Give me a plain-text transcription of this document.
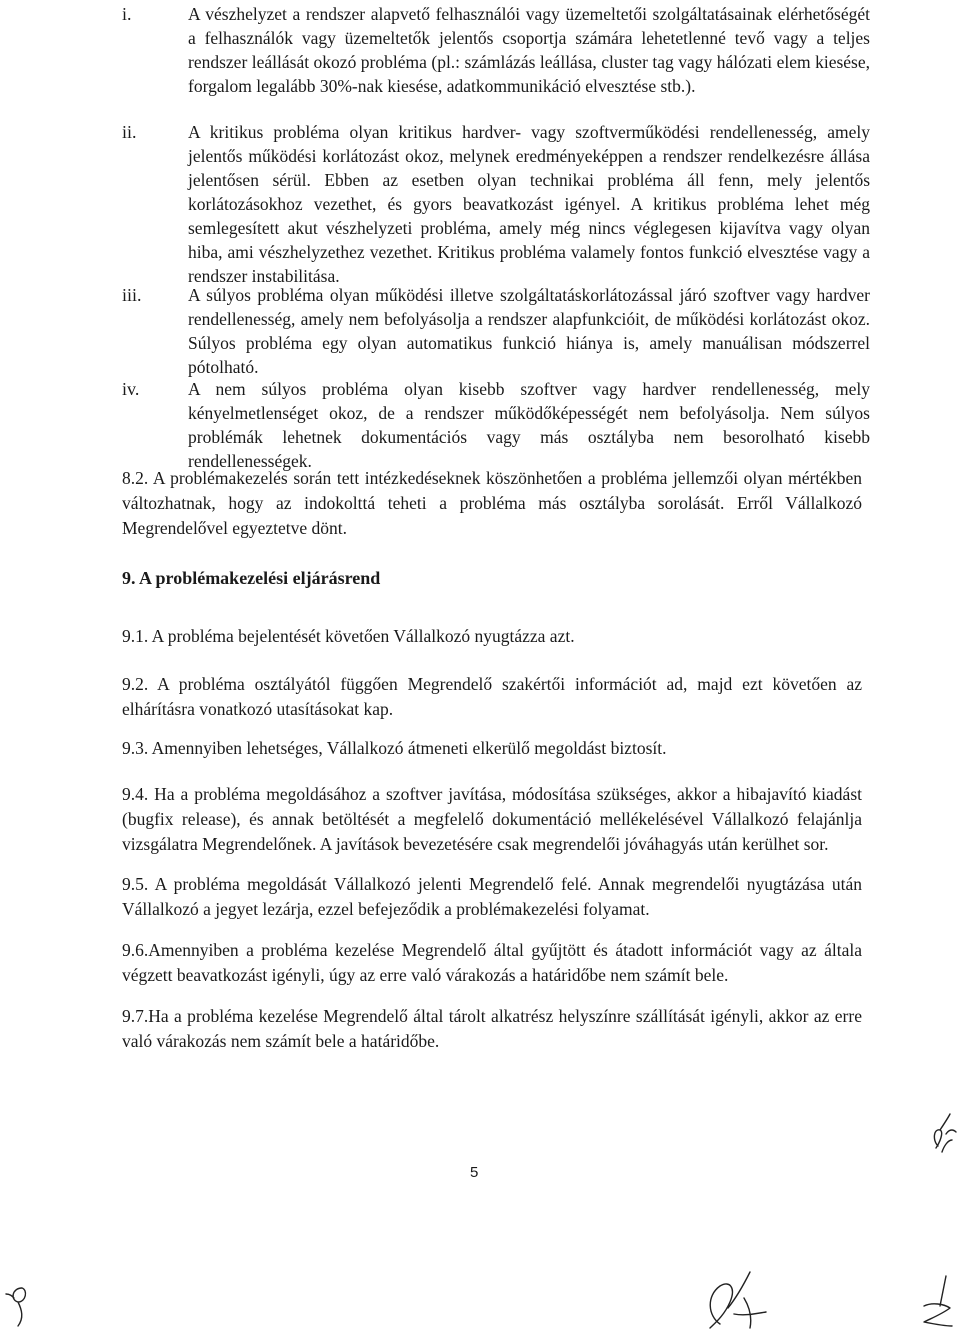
i.	A vészhelyzet a rendszer alapvető felhasználói vagy üzemeltetői szolgáltatásainak elérhetőségét a felhasználók vagy üzemeltetők jelentős csoportja számára lehetetlenné tevő vagy a teljes rendszer leállását okozó probléma (pl.: számlázás leállása, cluster tag vagy hálózati elem kiesése, forgalom legalább 30%-nak kiesése, adatkommunikáció elvesztése stb.).
ii.	A kritikus probléma olyan kritikus hardver- vagy szoftverműködési rendellenesség, amely jelentős működési korlátozást okoz, melynek eredményeképpen a rendszer rendelkezésre állása jelentősen sérül. Ebben az esetben olyan technikai probléma áll fenn, mely jelentős korlátozásokhoz vezethet, és gyors beavatkozást igényel. A kritikus probléma lehet még semlegesített akut vészhelyzeti probléma, amely még nincs véglegesen kijavítva vagy olyan hiba, ami vészhelyzethez vezethet. Kritikus probléma valamely fontos funkció elvesztése vagy a rendszer instabilitása.
iii.	A súlyos probléma olyan működési illetve szolgáltatáskorlátozással járó szoftver vagy hardver rendellenesség, amely nem befolyásolja a rendszer alapfunkcióit, de működési korlátozást okoz. Súlyos probléma egy olyan automatikus funkció hiánya is, amely manuálisan módszerrel pótolható.
iv.	A nem súlyos probléma olyan kisebb szoftver vagy hardver rendellenesség, mely kényelmetlenséget okoz, de a rendszer működőképességét nem befolyásolja. Nem súlyos problémák lehetnek dokumentációs vagy más osztályba nem besorolható kisebb rendellenességek.
8.2. A problémakezelés során tett intézkedéseknek köszönhetően a probléma jellemzői olyan mértékben változhatnak, hogy az indokolttá teheti a probléma más osztályba sorolását. Erről Vállalkozó Megrendelővel egyeztetve dönt.
9. A problémakezelési eljárásrend
9.1. A probléma bejelentését követően Vállalkozó nyugtázza azt.
9.2. A probléma osztályától függően Megrendelő szakértői információt ad, majd ezt követően az elhárításra vonatkozó utasításokat kap.
9.3. Amennyiben lehetséges, Vállalkozó átmeneti elkerülő megoldást biztosít.
9.4. Ha a probléma megoldásához a szoftver javítása, módosítása szükséges, akkor a hibajavító kiadást (bugfix release), és annak betöltését a megfelelő dokumentáció mellékelésével Vállalkozó felajánlja vizsgálatra Megrendelőnek. A javítások bevezetésére csak megrendelői jóváhagyás után kerülhet sor.
9.5. A probléma megoldását Vállalkozó jelenti Megrendelő felé. Annak megrendelői nyugtázása után Vállalkozó a jegyet lezárja, ezzel befejeződik a problémakezelési folyamat.
9.6.Amennyiben a probléma kezelése Megrendelő által gyűjtött és átadott információt vagy az általa végzett beavatkozást igényli, úgy az erre való várakozás a határidőbe nem számít bele.
9.7.Ha a probléma kezelése Megrendelő által tárolt alkatrész helyszínre szállítását igényli, akkor az erre való várakozás nem számít bele a határidőbe.
5
